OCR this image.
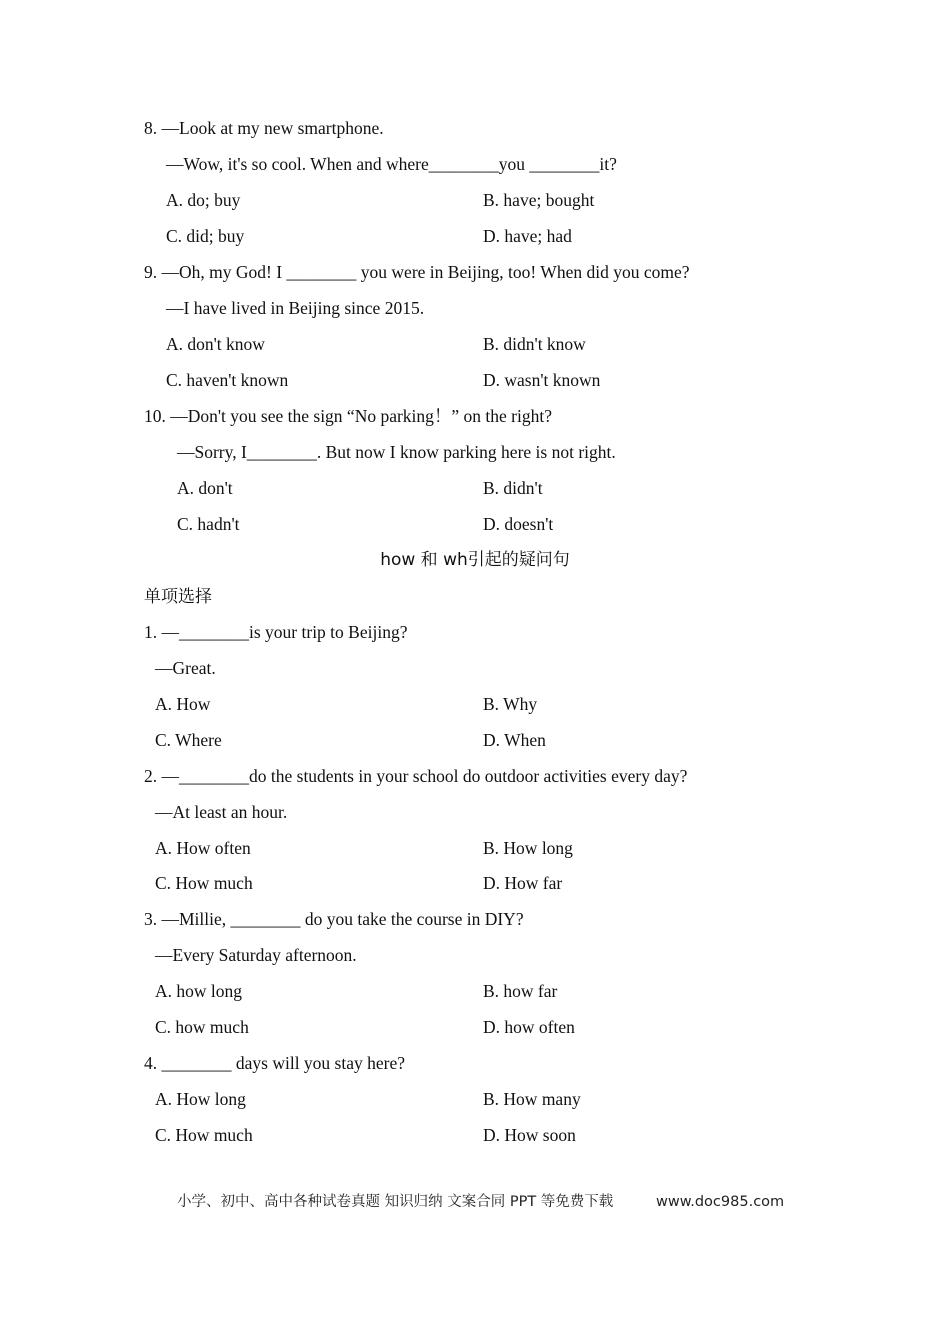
8. —Look at my new smartphone.
—Wow, it's so cool. When and where________you ________it?
A. do; buy	B. have; bought
C. did; buy	D. have; had
9. —Oh, my God! I ________ you were in Beijing, too! When did you come?
—I have lived in Beijing since 2015.
A. don't know	B. didn't know
C. haven't known	D. wasn't known
10. —Don't you see the sign “No parking！” on the right?
—Sorry, I________. But now I know parking here is not right.
A. don't	B. didn't
C. hadn't	D. doesn't
how 和 wh引起的疑问句
单项选择
1. —________is your trip to Beijing?
—Great.
A. How	B. Why
C. Where	D. When
2. —________do the students in your school do outdoor activities every day?
—At least an hour.
A. How often	B. How long
C. How much	D. How far
3. —Millie, ________ do you take the course in DIY?
—Every Saturday afternoon.
A. how long	B. how far
C. how much	D. how often
4. ________ days will you stay here?
A. How long	B. How many
C. How much	D. How soon
小学、初中、高中各种试卷真题 知识归纳 文案合同 PPT 等免费下载	www.doc985.com
